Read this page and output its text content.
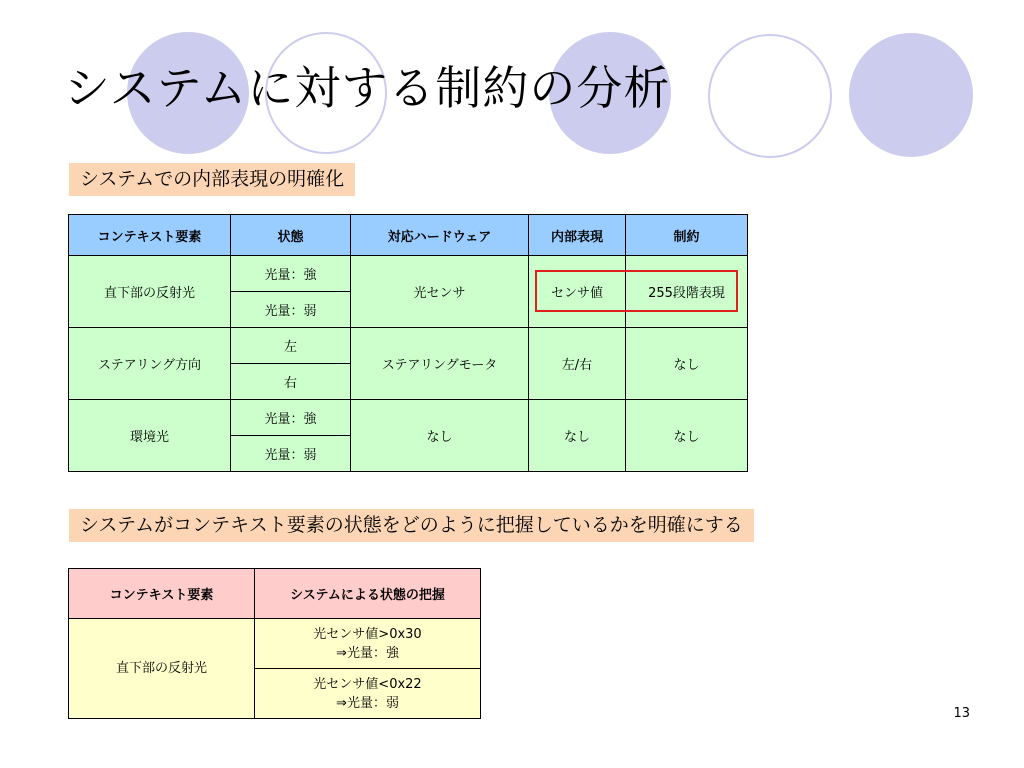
システムに対する制約の分析
システムでの内部表現の明確化
コンテキスト要素	状態	対応ハードウェア	内部表現	制約
直下部の反射光	光量：強	光センサ	センサ値	255段階表現
	光量：弱			
ステアリング方向	左	ステアリングモータ	左/右	なし
	右			
環境光	光量：強	なし	なし	なし
	光量：弱			
システムがコンテキスト要素の状態をどのように把握しているかを明確にする
コンテキスト要素	システムによる状態の把握
直下部の反射光	光センサ値>0x30
⇒光量：強

	光センサ値<0x22
⇒光量：弱
13
